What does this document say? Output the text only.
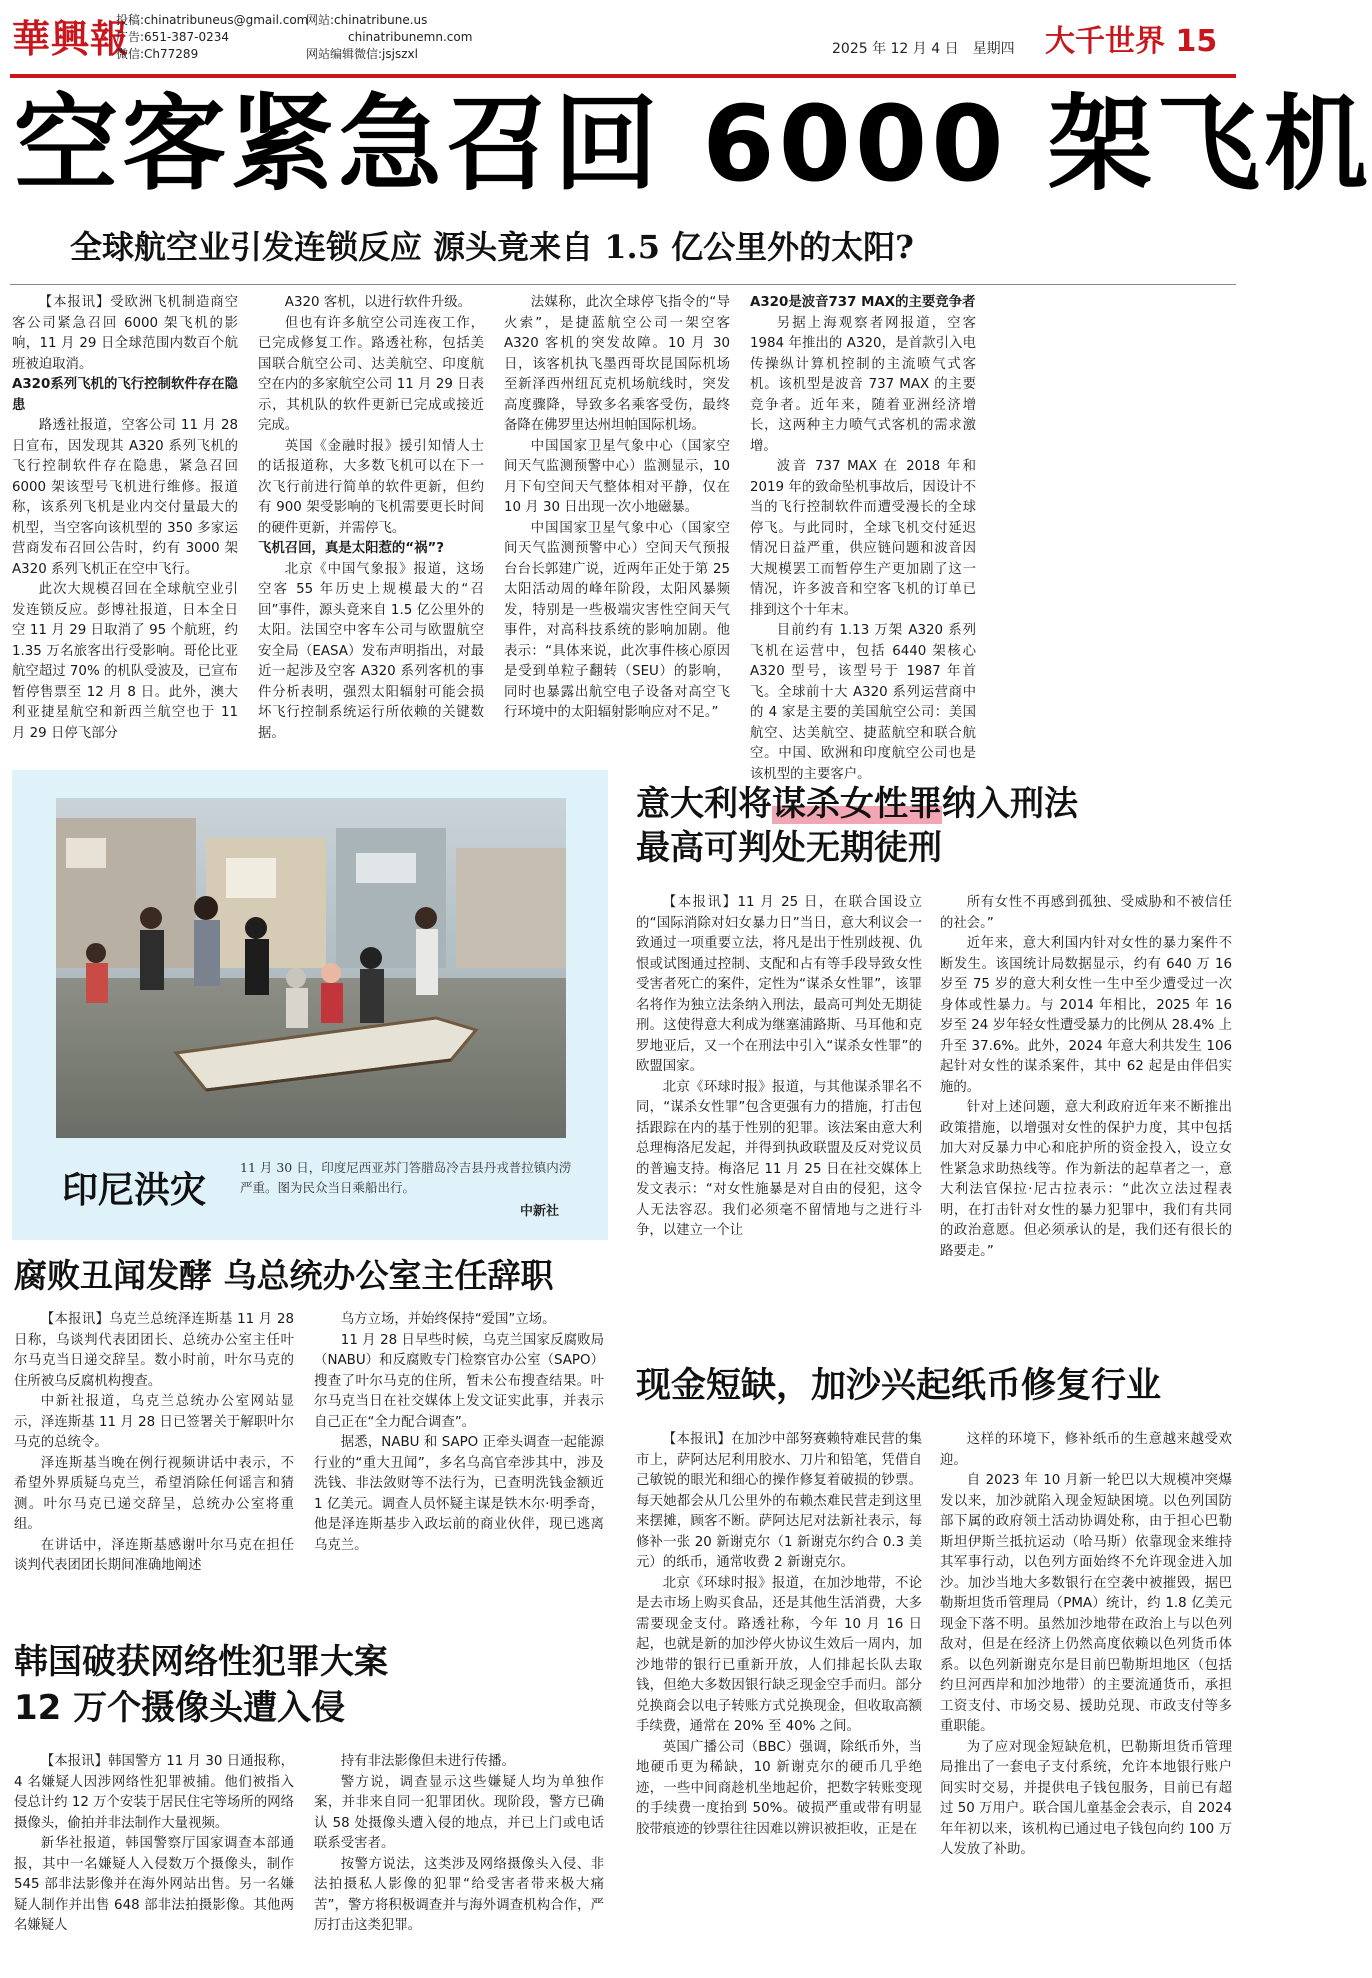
華興報
投稿:chinatribuneus@gmail.com
广告:651-387-0234
微信:Ch77289
网站:chinatribune.us
chinatribunemn.com
网站编辑微信:jsjszxl	2025 年 12 月 4 日　星期四 大千世界 15
空客紧急召回 6000 架飞机
全球航空业引发连锁反应 源头竟来自 1.5 亿公里外的太阳?

【本报讯】受欧洲飞机制造商空客公司紧急召回 6000 架飞机的影响，11 月 29 日全球范围内数百个航班被迫取消。

A320系列飞机的飞行控制软件存在隐患

路透社报道，空客公司 11 月 28 日宣布，因发现其 A320 系列飞机的飞行控制软件存在隐患，紧急召回 6000 架该型号飞机进行维修。报道称，该系列飞机是业内交付量最大的机型，当空客向该机型的 350 多家运营商发布召回公告时，约有 3000 架 A320 系列飞机正在空中飞行。

此次大规模召回在全球航空业引发连锁反应。彭博社报道，日本全日空 11 月 29 日取消了 95 个航班，约 1.35 万名旅客出行受影响。哥伦比亚航空超过 70% 的机队受波及，已宣布暂停售票至 12 月 8 日。此外，澳大利亚捷星航空和新西兰航空也于 11 月 29 日停飞部分

A320 客机，以进行软件升级。

但也有许多航空公司连夜工作，已完成修复工作。路透社称，包括美国联合航空公司、达美航空、印度航空在内的多家航空公司 11 月 29 日表示，其机队的软件更新已完成或接近完成。

英国《金融时报》援引知情人士的话报道称，大多数飞机可以在下一次飞行前进行简单的软件更新，但约有 900 架受影响的飞机需要更长时间的硬件更新，并需停飞。

飞机召回，真是太阳惹的“祸”?

北京《中国气象报》报道，这场空客 55 年历史上规模最大的“召回”事件，源头竟来自 1.5 亿公里外的太阳。法国空中客车公司与欧盟航空安全局（EASA）发布声明指出，对最近一起涉及空客 A320 系列客机的事件分析表明，强烈太阳辐射可能会损坏飞行控制系统运行所依赖的关键数据。

法媒称，此次全球停飞指令的“导火索”，是捷蓝航空公司一架空客 A320 客机的突发故障。10 月 30 日，该客机执飞墨西哥坎昆国际机场至新泽西州纽瓦克机场航线时，突发高度骤降，导致多名乘客受伤，最终备降在佛罗里达州坦帕国际机场。

中国国家卫星气象中心（国家空间天气监测预警中心）监测显示，10 月下旬空间天气整体相对平静，仅在 10 月 30 日出现一次小地磁暴。

中国国家卫星气象中心（国家空间天气监测预警中心）空间天气预报台台长郭建广说，近两年正处于第 25 太阳活动周的峰年阶段，太阳风暴频发，特别是一些极端灾害性空间天气事件，对高科技系统的影响加剧。他表示：“具体来说，此次事件核心原因是受到单粒子翻转（SEU）的影响，同时也暴露出航空电子设备对高空飞行环境中的太阳辐射影响应对不足。”

A320是波音737 MAX的主要竞争者

另据上海观察者网报道，空客 1984 年推出的 A320，是首款引入电传操纵计算机控制的主流喷气式客机。该机型是波音 737 MAX 的主要竞争者。近年来，随着亚洲经济增长，这两种主力喷气式客机的需求激增。

波音 737 MAX 在 2018 年和 2019 年的致命坠机事故后，因设计不当的飞行控制软件而遭受漫长的全球停飞。与此同时，全球飞机交付延迟情况日益严重，供应链问题和波音因大规模罢工而暂停生产更加剧了这一情况，许多波音和空客飞机的订单已排到这个十年末。

目前约有 1.13 万架 A320 系列飞机在运营中，包括 6440 架核心 A320 型号，该型号于 1987 年首飞。全球前十大 A320 系列运营商中的 4 家是主要的美国航空公司：美国航空、达美航空、捷蓝航空和联合航空。中国、欧洲和印度航空公司也是该机型的主要客户。

印尼洪灾
11 月 30 日，印度尼西亚苏门答腊岛冷吉县丹戎普拉镇内涝严重。图为民众当日乘船出行。
中新社
意大利将谋杀女性罪纳入刑法
最高可判处无期徒刑

【本报讯】11 月 25 日，在联合国设立的“国际消除对妇女暴力日”当日，意大利议会一致通过一项重要立法，将凡是出于性别歧视、仇恨或试图通过控制、支配和占有等手段导致女性受害者死亡的案件，定性为“谋杀女性罪”，该罪名将作为独立法条纳入刑法，最高可判处无期徒刑。这使得意大利成为继塞浦路斯、马耳他和克罗地亚后，又一个在刑法中引入“谋杀女性罪”的欧盟国家。

北京《环球时报》报道，与其他谋杀罪名不同，“谋杀女性罪”包含更强有力的措施，打击包括跟踪在内的基于性别的犯罪。该法案由意大利总理梅洛尼发起，并得到执政联盟及反对党议员的普遍支持。梅洛尼 11 月 25 日在社交媒体上发文表示：“对女性施暴是对自由的侵犯，这令人无法容忍。我们必须毫不留情地与之进行斗争，以建立一个让

所有女性不再感到孤独、受威胁和不被信任的社会。”

近年来，意大利国内针对女性的暴力案件不断发生。该国统计局数据显示，约有 640 万 16 岁至 75 岁的意大利女性一生中至少遭受过一次身体或性暴力。与 2014 年相比，2025 年 16 岁至 24 岁年轻女性遭受暴力的比例从 28.4% 上升至 37.6%。此外，2024 年意大利共发生 106 起针对女性的谋杀案件，其中 62 起是由伴侣实施的。

针对上述问题，意大利政府近年来不断推出政策措施，以增强对女性的保护力度，其中包括加大对反暴力中心和庇护所的资金投入，设立女性紧急求助热线等。作为新法的起草者之一，意大利法官保拉·尼古拉表示：“此次立法过程表明，在打击针对女性的暴力犯罪中，我们有共同的政治意愿。但必须承认的是，我们还有很长的路要走。”

腐败丑闻发酵 乌总统办公室主任辞职

【本报讯】乌克兰总统泽连斯基 11 月 28 日称，乌谈判代表团团长、总统办公室主任叶尔马克当日递交辞呈。数小时前，叶尔马克的住所被乌反腐机构搜查。

中新社报道，乌克兰总统办公室网站显示，泽连斯基 11 月 28 日已签署关于解职叶尔马克的总统令。

泽连斯基当晚在例行视频讲话中表示，不希望外界质疑乌克兰，希望消除任何谣言和猜测。叶尔马克已递交辞呈，总统办公室将重组。

在讲话中，泽连斯基感谢叶尔马克在担任谈判代表团团长期间准确地阐述

乌方立场，并始终保持“爱国”立场。

11 月 28 日早些时候，乌克兰国家反腐败局（NABU）和反腐败专门检察官办公室（SAPO）搜查了叶尔马克的住所，暂未公布搜查结果。叶尔马克当日在社交媒体上发文证实此事，并表示自己正在“全力配合调查”。

据悉，NABU 和 SAPO 正牵头调查一起能源行业的“重大丑闻”，多名乌高官牵涉其中，涉及洗钱、非法敛财等不法行为，已查明洗钱金额近 1 亿美元。调查人员怀疑主谋是铁木尔·明季奇，他是泽连斯基步入政坛前的商业伙伴，现已逃离乌克兰。

现金短缺，加沙兴起纸币修复行业

【本报讯】在加沙中部努赛赖特难民营的集市上，萨阿达尼利用胶水、刀片和铅笔，凭借自己敏锐的眼光和细心的操作修复着破损的钞票。每天她都会从几公里外的布赖杰难民营走到这里来摆摊，顾客不断。萨阿达尼对法新社表示，每修补一张 20 新谢克尔（1 新谢克尔约合 0.3 美元）的纸币，通常收费 2 新谢克尔。

北京《环球时报》报道，在加沙地带，不论是去市场上购买食品，还是其他生活消费，大多需要现金支付。路透社称，今年 10 月 16 日起，也就是新的加沙停火协议生效后一周内，加沙地带的银行已重新开放，人们排起长队去取钱，但绝大多数因银行缺乏现金空手而归。部分兑换商会以电子转账方式兑换现金，但收取高额手续费，通常在 20% 至 40% 之间。

英国广播公司（BBC）强调，除纸币外，当地硬币更为稀缺，10 新谢克尔的硬币几乎绝迹，一些中间商趁机坐地起价，把数字转账变现的手续费一度抬到 50%。破损严重或带有明显胶带痕迹的钞票往往因难以辨识被拒收，正是在

这样的环境下，修补纸币的生意越来越受欢迎。

自 2023 年 10 月新一轮巴以大规模冲突爆发以来，加沙就陷入现金短缺困境。以色列国防部下属的政府领土活动协调处称，由于担心巴勒斯坦伊斯兰抵抗运动（哈马斯）依靠现金来维持其军事行动，以色列方面始终不允许现金进入加沙。加沙当地大多数银行在空袭中被摧毁，据巴勒斯坦货币管理局（PMA）统计，约 1.8 亿美元现金下落不明。虽然加沙地带在政治上与以色列敌对，但是在经济上仍然高度依赖以色列货币体系。以色列新谢克尔是目前巴勒斯坦地区（包括约旦河西岸和加沙地带）的主要流通货币，承担工资支付、市场交易、援助兑现、市政支付等多重职能。

为了应对现金短缺危机，巴勒斯坦货币管理局推出了一套电子支付系统，允许本地银行账户间实时交易，并提供电子钱包服务，目前已有超过 50 万用户。联合国儿童基金会表示，自 2024 年年初以来，该机构已通过电子钱包向约 100 万人发放了补助。

韩国破获网络性犯罪大案
12 万个摄像头遭入侵

【本报讯】韩国警方 11 月 30 日通报称，4 名嫌疑人因涉网络性犯罪被捕。他们被指入侵总计约 12 万个安装于居民住宅等场所的网络摄像头，偷拍并非法制作大量视频。

新华社报道，韩国警察厅国家调查本部通报，其中一名嫌疑人入侵数万个摄像头，制作 545 部非法影像并在海外网站出售。另一名嫌疑人制作并出售 648 部非法拍摄影像。其他两名嫌疑人

持有非法影像但未进行传播。

警方说，调查显示这些嫌疑人均为单独作案，并非来自同一犯罪团伙。现阶段，警方已确认 58 处摄像头遭入侵的地点，并已上门或电话联系受害者。

按警方说法，这类涉及网络摄像头入侵、非法拍摄私人影像的犯罪“给受害者带来极大痛苦”，警方将积极调查并与海外调查机构合作，严厉打击这类犯罪。
